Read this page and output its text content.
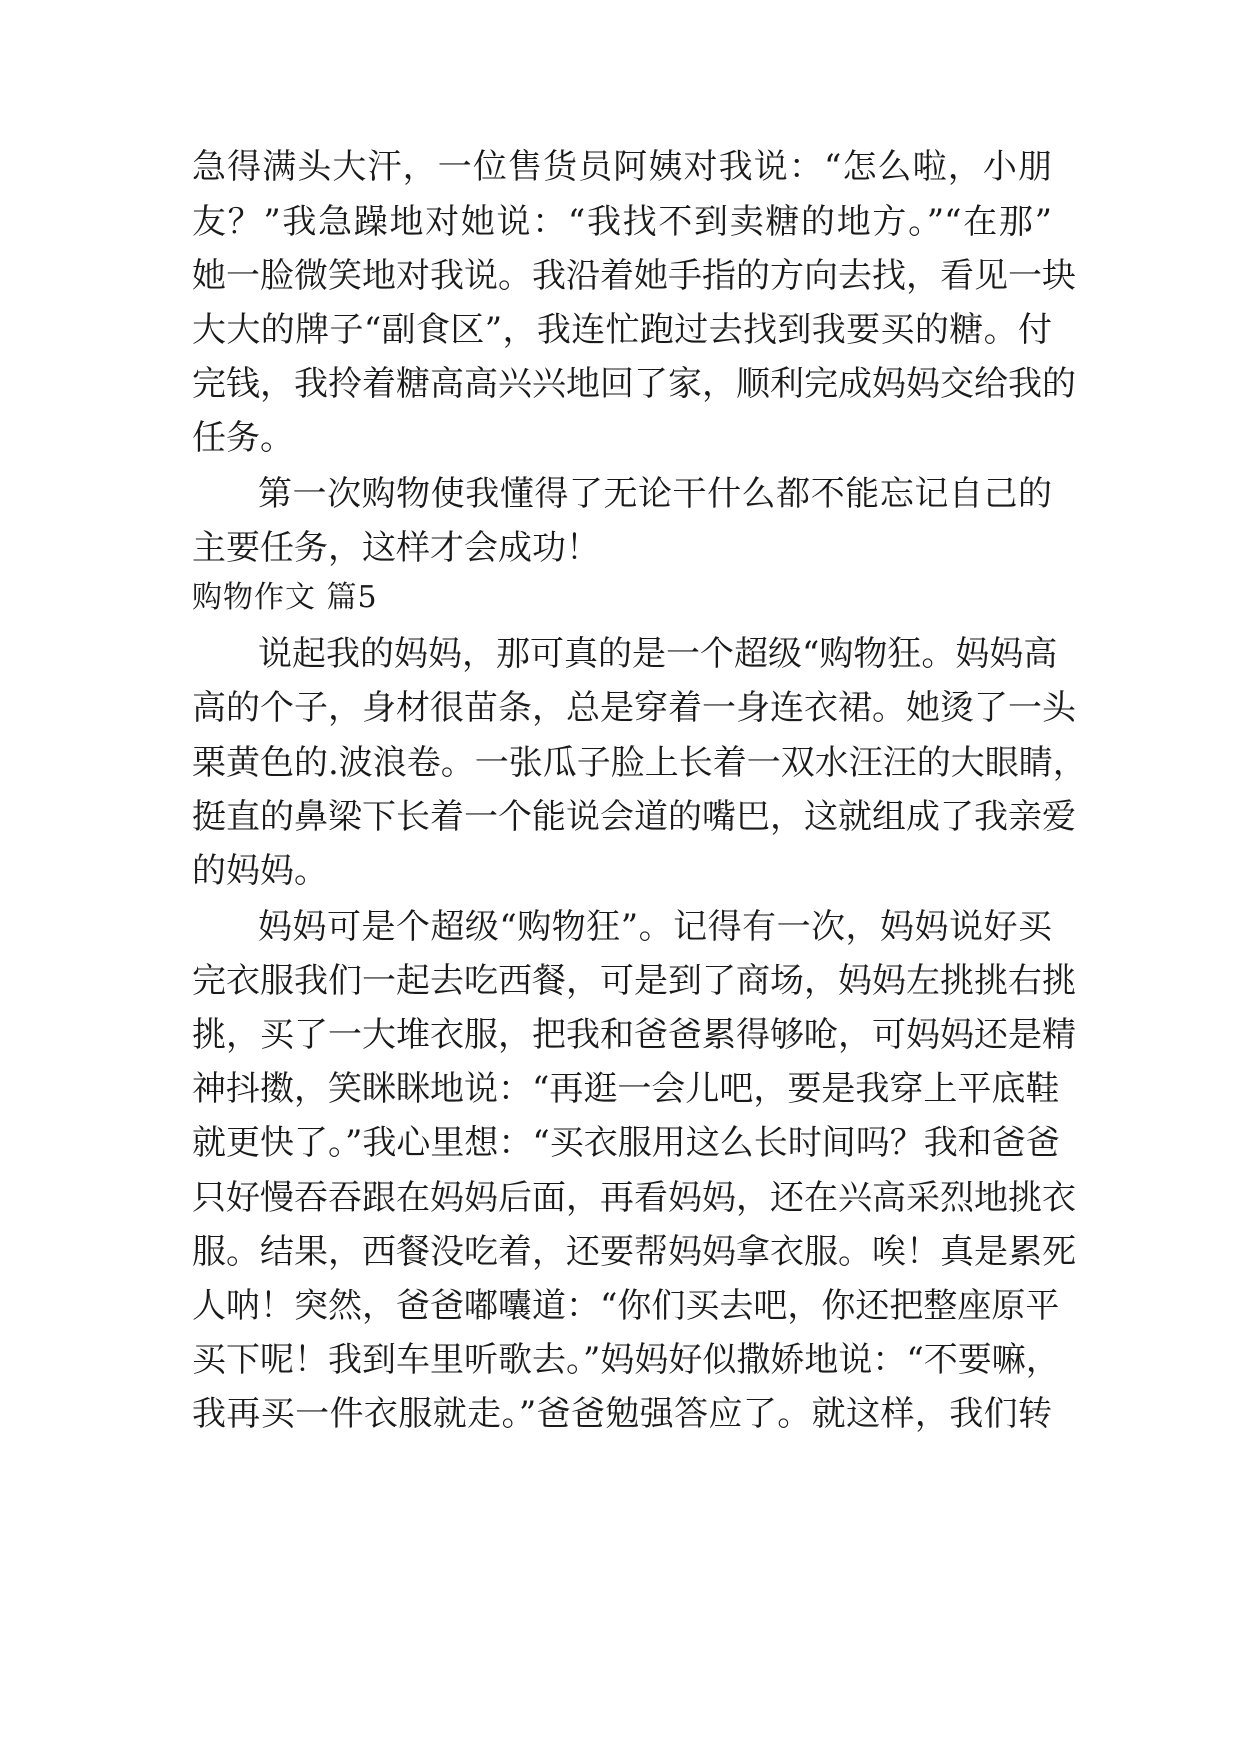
急得满头大汗，一位售货员阿姨对我说：“怎么啦，小朋
友？”我急躁地对她说：“我找不到卖糖的地方。”“在那”
她一脸微笑地对我说。我沿着她手指的方向去找，看见一块
大大的牌子“副食区”，我连忙跑过去找到我要买的糖。付
完钱，我拎着糖高高兴兴地回了家，顺利完成妈妈交给我的
任务。
第一次购物使我懂得了无论干什么都不能忘记自己的
主要任务，这样才会成功！
购物作文 篇5
说起我的妈妈，那可真的是一个超级“购物狂。妈妈高
高的个子，身材很苗条，总是穿着一身连衣裙。她烫了一头
栗黄色的.波浪卷。一张瓜子脸上长着一双水汪汪的大眼睛，
挺直的鼻梁下长着一个能说会道的嘴巴，这就组成了我亲爱
的妈妈。
妈妈可是个超级“购物狂”。记得有一次，妈妈说好买
完衣服我们一起去吃西餐，可是到了商场，妈妈左挑挑右挑
挑，买了一大堆衣服，把我和爸爸累得够呛，可妈妈还是精
神抖擞，笑眯眯地说：“再逛一会儿吧，要是我穿上平底鞋
就更快了。”我心里想：“买衣服用这么长时间吗？我和爸爸
只好慢吞吞跟在妈妈后面，再看妈妈，还在兴高采烈地挑衣
服。结果，西餐没吃着，还要帮妈妈拿衣服。唉！真是累死
人呐！突然，爸爸嘟囔道：“你们买去吧，你还把整座原平
买下呢！我到车里听歌去。”妈妈好似撒娇地说：“不要嘛，
我再买一件衣服就走。”爸爸勉强答应了。就这样，我们转
